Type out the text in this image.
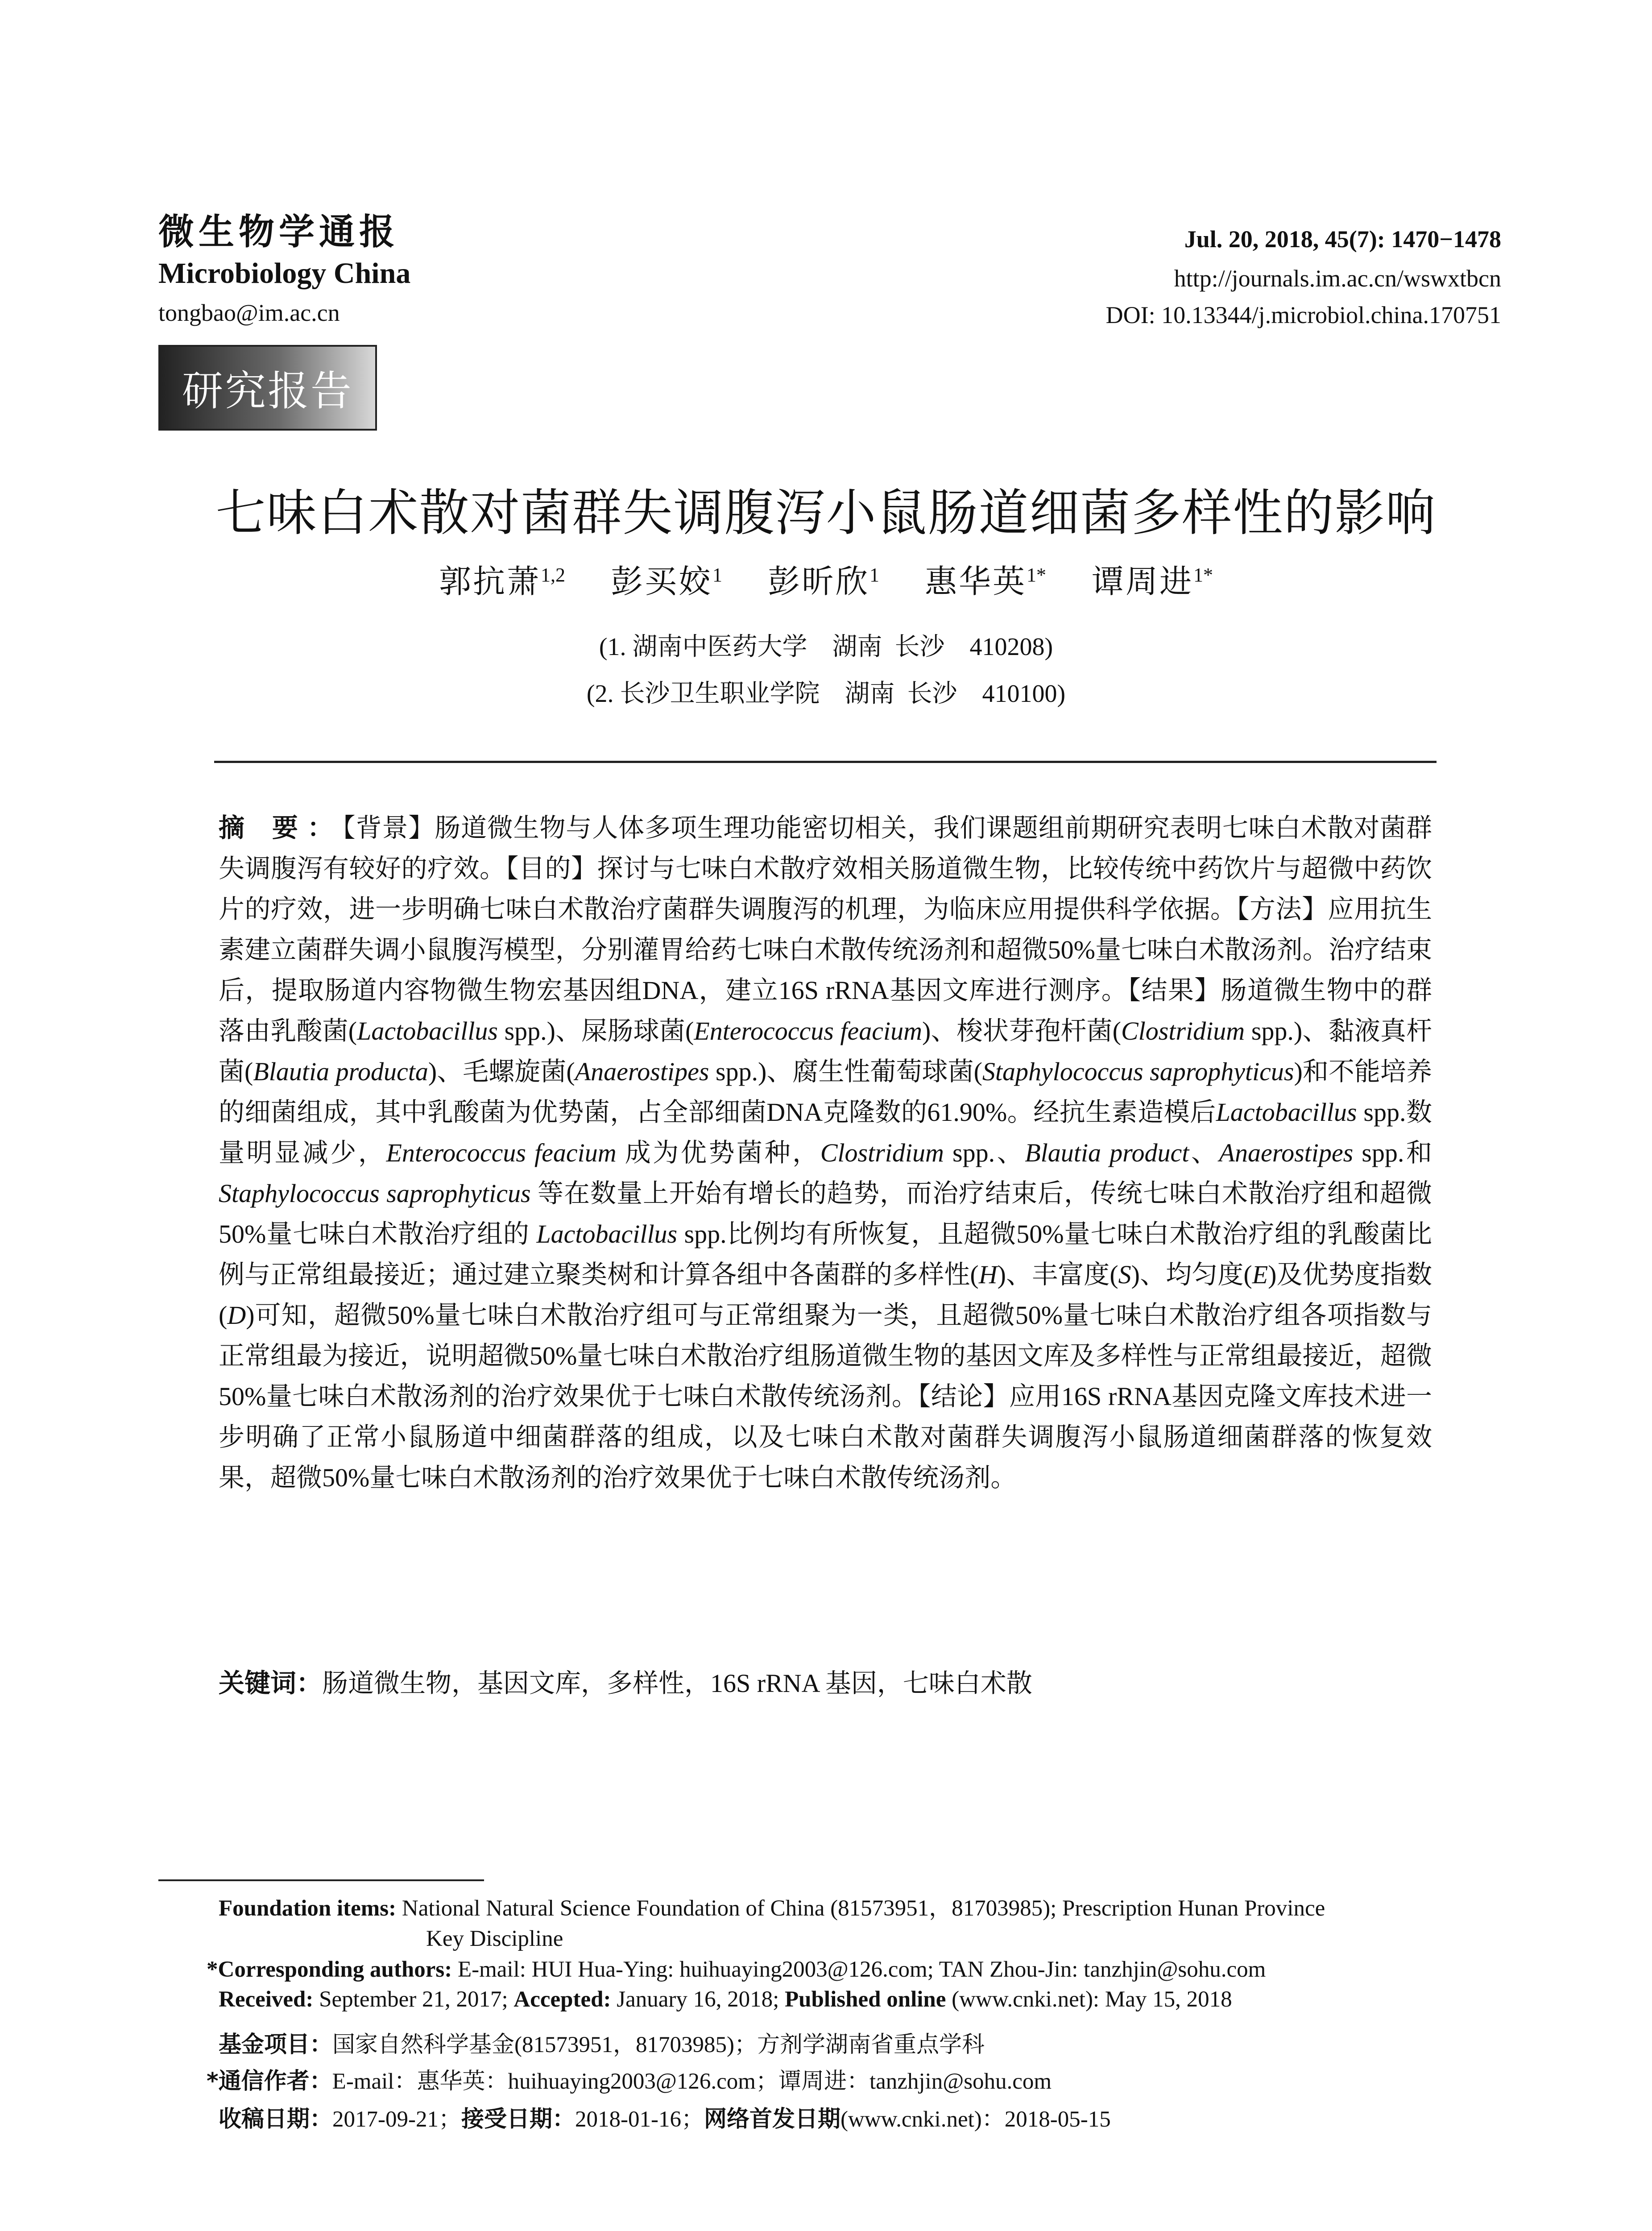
微生物学通报
Microbiology China
tongbao@im.ac.cn
Jul. 20, 2018, 45(7): 1470−1478
http://journals.im.ac.cn/wswxtbcn
DOI: 10.13344/j.microbiol.china.170751
研究报告
七味白术散对菌群失调腹泻小鼠肠道细菌多样性的影响
郭抗萧$^{1,2}$ 彭买姣$^1$ 彭昕欣$^1$ 惠华英$^{1*}$ 谭周进$^{1*}$
(1. 湖南中医药大学    湖南  长沙    410208)
(2. 长沙卫生职业学院    湖南  长沙    410100)
摘 要：【背景】肠道微生物与人体多项生理功能密切相关，我们课题组前期研究表明七味白术散对菌群失调腹泻有较好的疗效。【目的】探讨与七味白术散疗效相关肠道微生物，比较传统中药饮片与超微中药饮片的疗效，进一步明确七味白术散治疗菌群失调腹泻的机理，为临床应用提供科学依据。【方法】应用抗生素建立菌群失调小鼠腹泻模型，分别灌胃给药七味白术散传统汤剂和超微50%量七味白术散汤剂。治疗结束后，提取肠道内容物微生物宏基因组DNA，建立16S rRNA基因文库进行测序。【结果】肠道微生物中的群落由乳酸菌(Lactobacillus spp.)、屎肠球菌(Enterococcus feacium)、梭状芽孢杆菌(Clostridium spp.)、黏液真杆菌(Blautia producta)、毛螺旋菌(Anaerostipes spp.)、腐生性葡萄球菌(Staphylococcus saprophyticus)和不能培养的细菌组成，其中乳酸菌为优势菌，占全部细菌DNA克隆数的61.90%。经抗生素造模后Lactobacillus spp.数量明显减少，Enterococcus feacium 成为优势菌种，Clostridium spp.、Blautia product、Anaerostipes spp.和 Staphylococcus saprophyticus 等在数量上开始有增长的趋势，而治疗结束后，传统七味白术散治疗组和超微50%量七味白术散治疗组的 Lactobacillus spp.比例均有所恢复，且超微50%量七味白术散治疗组的乳酸菌比例与正常组最接近；通过建立聚类树和计算各组中各菌群的多样性(H)、丰富度(S)、均匀度(E)及优势度指数(D)可知，超微50%量七味白术散治疗组可与正常组聚为一类，且超微50%量七味白术散治疗组各项指数与正常组最为接近，说明超微50%量七味白术散治疗组肠道微生物的基因文库及多样性与正常组最接近，超微50%量七味白术散汤剂的治疗效果优于七味白术散传统汤剂。【结论】应用16S rRNA基因克隆文库技术进一步明确了正常小鼠肠道中细菌群落的组成，以及七味白术散对菌群失调腹泻小鼠肠道细菌群落的恢复效果，超微50%量七味白术散汤剂的治疗效果优于七味白术散传统汤剂。
关键词：肠道微生物，基因文库，多样性，16S rRNA 基因，七味白术散
Foundation items: National Natural Science Foundation of China (81573951，81703985); Prescription Hunan Province
Key Discipline
*Corresponding authors: E-mail: HUI Hua-Ying: huihuaying2003@126.com; TAN Zhou-Jin: tanzhjin@sohu.com
Received: September 21, 2017; Accepted: January 16, 2018; Published online (www.cnki.net): May 15, 2018
基金项目：国家自然科学基金(81573951，81703985)；方剂学湖南省重点学科
*通信作者：E-mail：惠华英：huihuaying2003@126.com；谭周进：tanzhjin@sohu.com
收稿日期：2017-09-21；接受日期：2018-01-16；网络首发日期(www.cnki.net)：2018-05-15
